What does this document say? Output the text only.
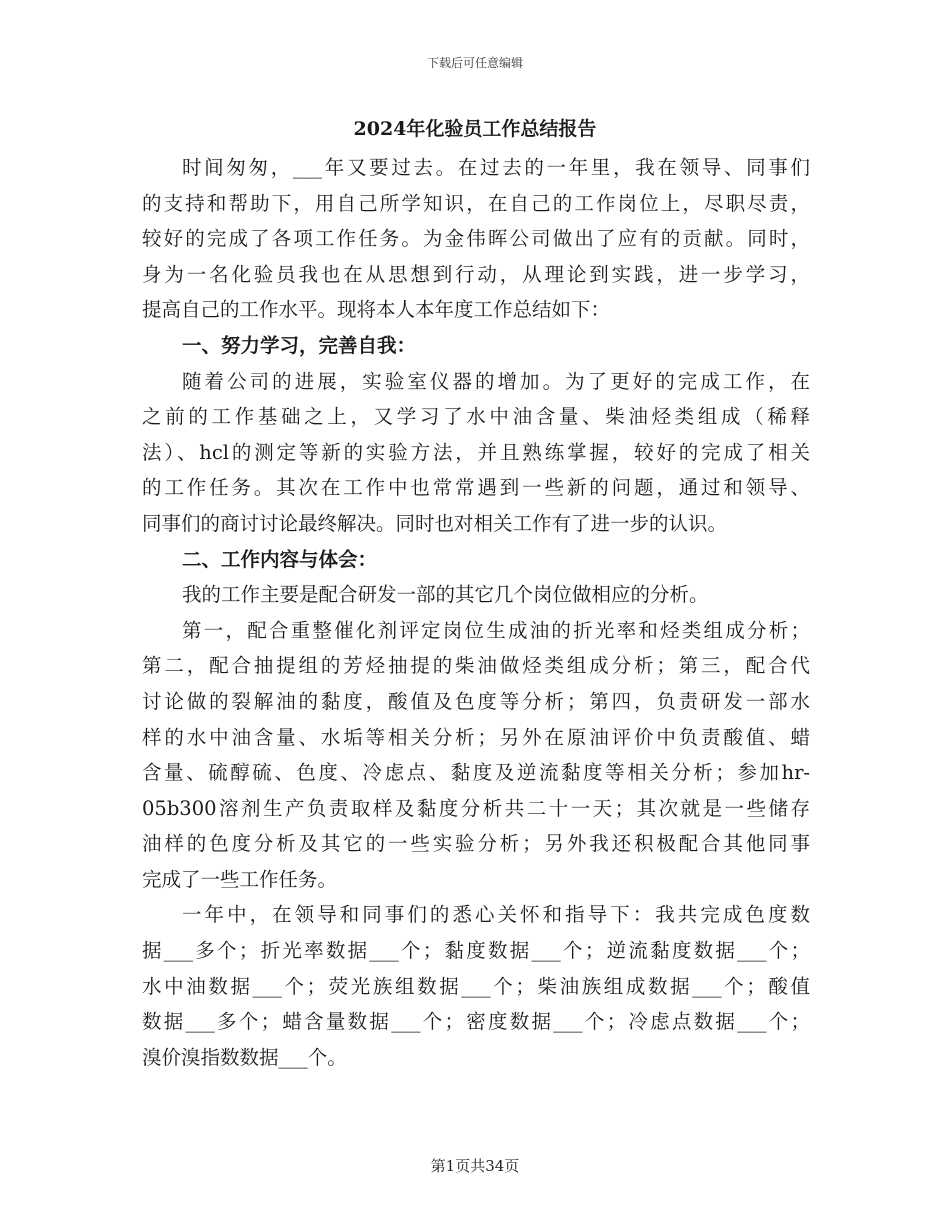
下载后可任意编辑
2024年化验员工作总结报告
时间匆匆，___年又要过去。在过去的一年里，我在领导、同事们
的支持和帮助下，用自己所学知识，在自己的工作岗位上，尽职尽责，
较好的完成了各项工作任务。为金伟晖公司做出了应有的贡献。同时，
身为一名化验员我也在从思想到行动，从理论到实践，进一步学习，
提高自己的工作水平。现将本人本年度工作总结如下：
一、努力学习，完善自我：
随着公司的进展，实验室仪器的增加。为了更好的完成工作，在
之前的工作基础之上，又学习了水中油含量、柴油烃类组成（稀释
法）、hcl的测定等新的实验方法，并且熟练掌握，较好的完成了相关
的工作任务。其次在工作中也常常遇到一些新的问题，通过和领导、
同事们的商讨讨论最终解决。同时也对相关工作有了进一步的认识。
二、工作内容与体会：
我的工作主要是配合研发一部的其它几个岗位做相应的分析。
第一，配合重整催化剂评定岗位生成油的折光率和烃类组成分析；
第二，配合抽提组的芳烃抽提的柴油做烃类组成分析；第三，配合代
讨论做的裂解油的黏度，酸值及色度等分析；第四，负责研发一部水
样的水中油含量、水垢等相关分析；另外在原油评价中负责酸值、蜡
含量、硫醇硫、色度、冷虑点、黏度及逆流黏度等相关分析；参加hr-
05b300溶剂生产负责取样及黏度分析共二十一天；其次就是一些储存
油样的色度分析及其它的一些实验分析；另外我还积极配合其他同事
完成了一些工作任务。
一年中，在领导和同事们的悉心关怀和指导下：我共完成色度数
据___多个；折光率数据___个；黏度数据___个；逆流黏度数据___个；
水中油数据___个；荧光族组数据___个；柴油族组成数据___个；酸值
数据___多个；蜡含量数据___个；密度数据___个；冷虑点数据___个；
溴价溴指数数据___个。
第1页共34页
